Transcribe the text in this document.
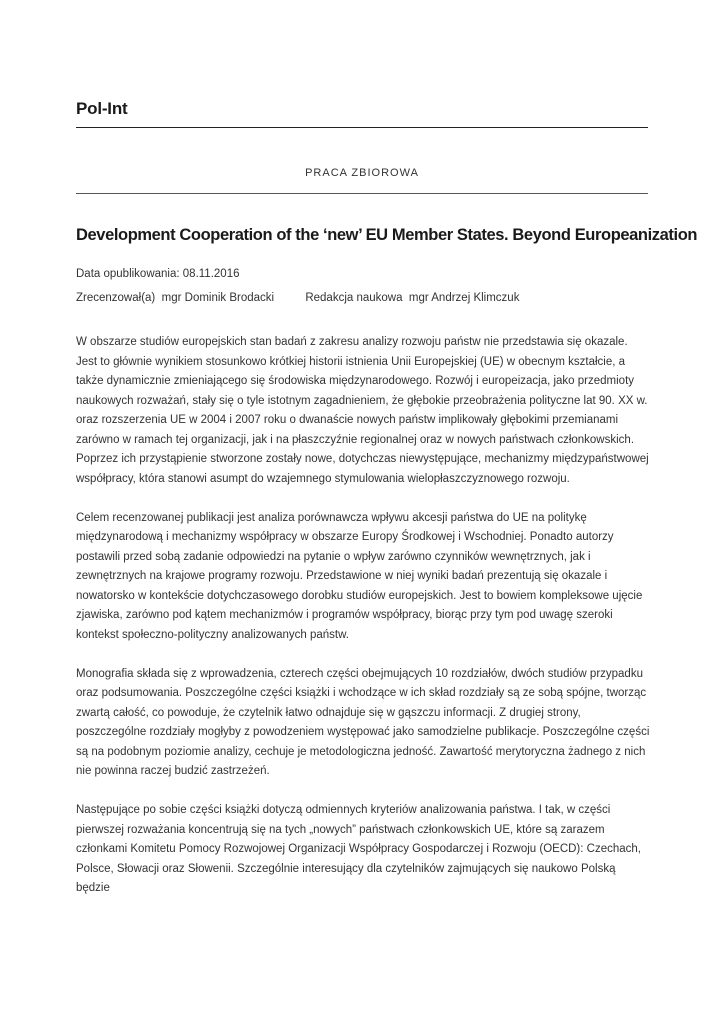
Pol-Int
PRACA ZBIOROWA
Development Cooperation of the ‘new’ EU Member States. Beyond Europeanization
Data opublikowania: 08.11.2016
Zrecenzował(a) mgr Dominik Brodacki	Redakcja naukowa mgr Andrzej Klimczuk

W obszarze studiów europejskich stan badań z zakresu analizy rozwoju państw nie przedstawia się okazale. Jest to głównie wynikiem stosunkowo krótkiej historii istnienia Unii Europejskiej (UE) w obecnym kształcie, a także dynamicznie zmieniającego się środowiska międzynarodowego. Rozwój i europeizacja, jako przedmioty naukowych rozważań, stały się o tyle istotnym zagadnieniem, że głębokie przeobrażenia polityczne lat 90. XX w. oraz rozszerzenia UE w 2004 i 2007 roku o dwanaście nowych państw implikowały głębokimi przemianami zarówno w ramach tej organizacji, jak i na płaszczyźnie regionalnej oraz w nowych państwach członkowskich. Poprzez ich przystąpienie stworzone zostały nowe, dotychczas niewystępujące, mechanizmy międzypaństwowej współpracy, która stanowi asumpt do wzajemnego stymulowania wielopłaszczyznowego rozwoju.

Celem recenzowanej publikacji jest analiza porównawcza wpływu akcesji państwa do UE na politykę międzynarodową i mechanizmy współpracy w obszarze Europy Środkowej i Wschodniej. Ponadto autorzy postawili przed sobą zadanie odpowiedzi na pytanie o wpływ zarówno czynników wewnętrznych, jak i zewnętrznych na krajowe programy rozwoju. Przedstawione w niej wyniki badań prezentują się okazale i nowatorsko w kontekście dotychczasowego dorobku studiów europejskich. Jest to bowiem kompleksowe ujęcie zjawiska, zarówno pod kątem mechanizmów i programów współpracy, biorąc przy tym pod uwagę szeroki kontekst społeczno-polityczny analizowanych państw.

Monografia składa się z wprowadzenia, czterech części obejmujących 10 rozdziałów, dwóch studiów przypadku oraz podsumowania. Poszczególne części książki i wchodzące w ich skład rozdziały są ze sobą spójne, tworząc zwartą całość, co powoduje, że czytelnik łatwo odnajduje się w gąszczu informacji. Z drugiej strony, poszczególne rozdziały mogłyby z powodzeniem występować jako samodzielne publikacje. Poszczególne części są na podobnym poziomie analizy, cechuje je metodologiczna jedność. Zawartość merytoryczna żadnego z nich nie powinna raczej budzić zastrzeżeń.

Następujące po sobie części książki dotyczą odmiennych kryteriów analizowania państwa. I tak, w części pierwszej rozważania koncentrują się na tych „nowych” państwach członkowskich UE, które są zarazem członkami Komitetu Pomocy Rozwojowej Organizacji Współpracy Gospodarczej i Rozwoju (OECD): Czechach, Polsce, Słowacji oraz Słowenii. Szczególnie interesujący dla czytelników zajmujących się naukowo Polską będzie
